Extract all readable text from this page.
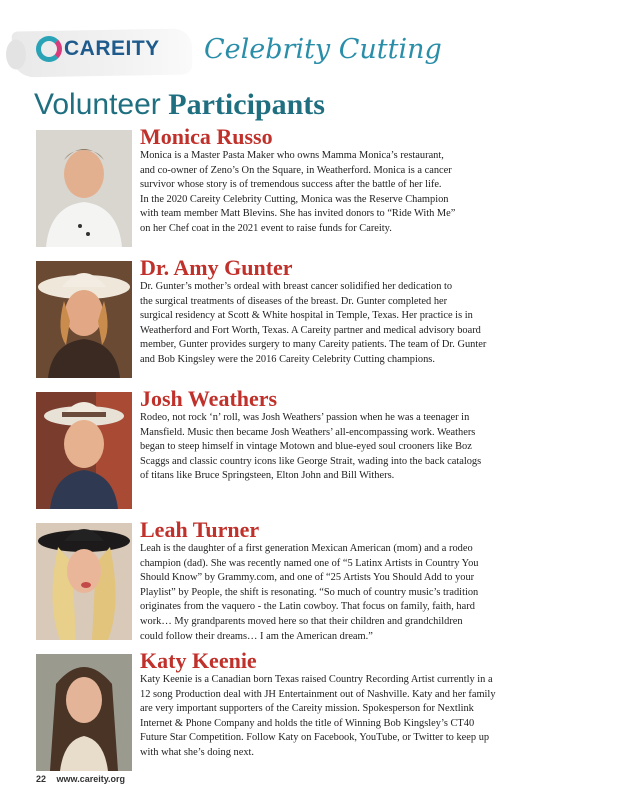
CAREITY Celebrity Cutting
Volunteer Participants
Monica Russo
Monica is a Master Pasta Maker who owns Mamma Monica’s restaurant,
and co-owner of Zeno’s On the Square, in Weatherford. Monica is a cancer
survivor whose story is of tremendous success after the battle of her life.
In the 2020 Careity Celebrity Cutting, Monica was the Reserve Champion
with team member Matt Blevins. She has invited donors to “Ride With Me”
on her Chef coat in the 2021 event to raise funds for Careity.
Dr. Amy Gunter
Dr. Gunter’s mother’s ordeal with breast cancer solidified her dedication to
the surgical treatments of diseases of the breast. Dr. Gunter completed her
surgical residency at Scott & White hospital in Temple, Texas. Her practice is in
Weatherford and Fort Worth, Texas. A Careity partner and medical advisory board
member, Gunter provides surgery to many Careity patients. The team of Dr. Gunter
and Bob Kingsley were the 2016 Careity Celebrity Cutting champions.
Josh Weathers
Rodeo, not rock ‘n’ roll, was Josh Weathers’ passion when he was a teenager in
Mansfield. Music then became Josh Weathers’ all-encompassing work. Weathers
began to steep himself in vintage Motown and blue-eyed soul crooners like Boz
Scaggs and classic country icons like George Strait, wading into the back catalogs
of titans like Bruce Springsteen, Elton John and Bill Withers.
Leah Turner
Leah is the daughter of a first generation Mexican American (mom) and a rodeo
champion (dad). She was recently named one of “5 Latinx Artists in Country You
Should Know” by Grammy.com, and one of “25 Artists You Should Add to your
Playlist” by People, the shift is resonating. “So much of country music’s tradition
originates from the vaquero - the Latin cowboy. That focus on family, faith, hard
work… My grandparents moved here so that their children and grandchildren
could follow their dreams… I am the American dream.”
Katy Keenie
Katy Keenie is a Canadian born Texas raised Country Recording Artist currently in a
12 song Production deal with JH Entertainment out of Nashville. Katy and her family
are very important supporters of the Careity mission. Spokesperson for Nextlink
Internet & Phone Company and holds the title of Winning Bob Kingsley’s CT40
Future Star Competition. Follow Katy on Facebook, YouTube, or Twitter to keep up
with what she’s doing next.
22 www.careity.org
